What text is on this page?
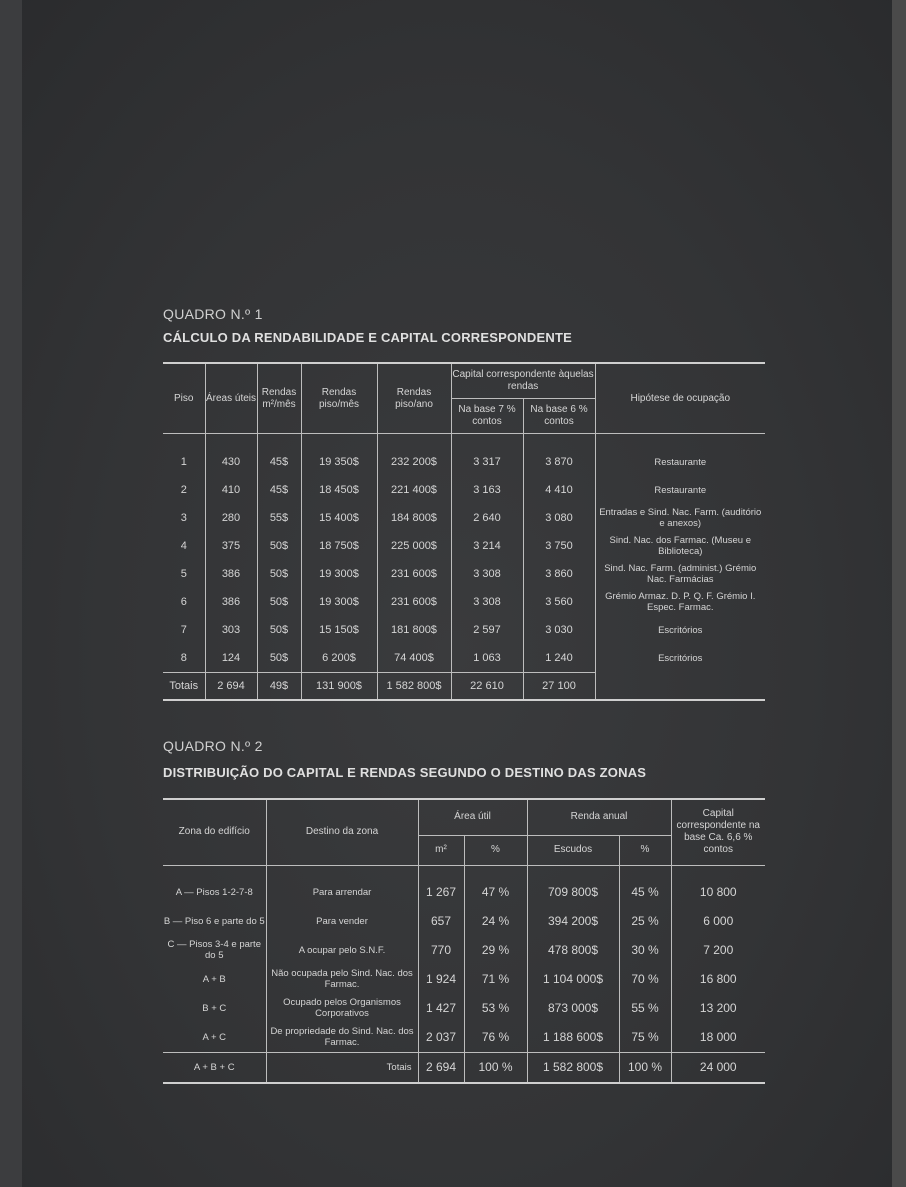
QUADRO N.º 1
CÁLCULO DA RENDABILIDADE E CAPITAL CORRESPONDENTE
Piso	Áreas úteis	Rendas m²/mês	Rendas piso/mês	Rendas piso/ano	Capital correspondente àquelas rendas		Hipótese de ocupação
					Na base 7 % contos	Na base 6 % contos	
1	430	45$	19 350$	232 200$	3 317	3 870	Restaurante
2	410	45$	18 450$	221 400$	3 163	4 410	Restaurante
3	280	55$	15 400$	184 800$	2 640	3 080	Entradas e Sind. Nac. Farm. (auditório e anexos)
4	375	50$	18 750$	225 000$	3 214	3 750	Sind. Nac. dos Farmac. (Museu e Biblioteca)
5	386	50$	19 300$	231 600$	3 308	3 860	Sind. Nac. Farm. (administ.) Grémio Nac. Farmácias
6	386	50$	19 300$	231 600$	3 308	3 560	Grémio Armaz. D. P. Q. F. Grémio I. Espec. Farmac.
7	303	50$	15 150$	181 800$	2 597	3 030	Escritórios
8	124	50$	6 200$	74 400$	1 063	1 240	Escritórios
Totais	2 694	49$	131 900$	1 582 800$	22 610	27 100	
QUADRO N.º 2
DISTRIBUIÇÃO DO CAPITAL E RENDAS SEGUNDO O DESTINO DAS ZONAS
Zona do edifício	Destino da zona	Área útil		Renda anual		Capital correspondente na base Ca. 6,6 % contos
		m²	%	Escudos	%	
A — Pisos 1-2-7-8	Para arrendar	1 267	47 %	709 800$	45 %	10 800
B — Piso 6 e parte do 5	Para vender	657	24 %	394 200$	25 %	6 000
C — Pisos 3-4 e parte do 5	A ocupar pelo S.N.F.	770	29 %	478 800$	30 %	7 200
A + B	Não ocupada pelo Sind. Nac. dos Farmac.	1 924	71 %	1 104 000$	70 %	16 800
B + C	Ocupado pelos Organismos Corporativos	1 427	53 %	873 000$	55 %	13 200
A + C	De propriedade do Sind. Nac. dos Farmac.	2 037	76 %	1 188 600$	75 %	18 000
A + B + C	Totais	2 694	100 %	1 582 800$	100 %	24 000
